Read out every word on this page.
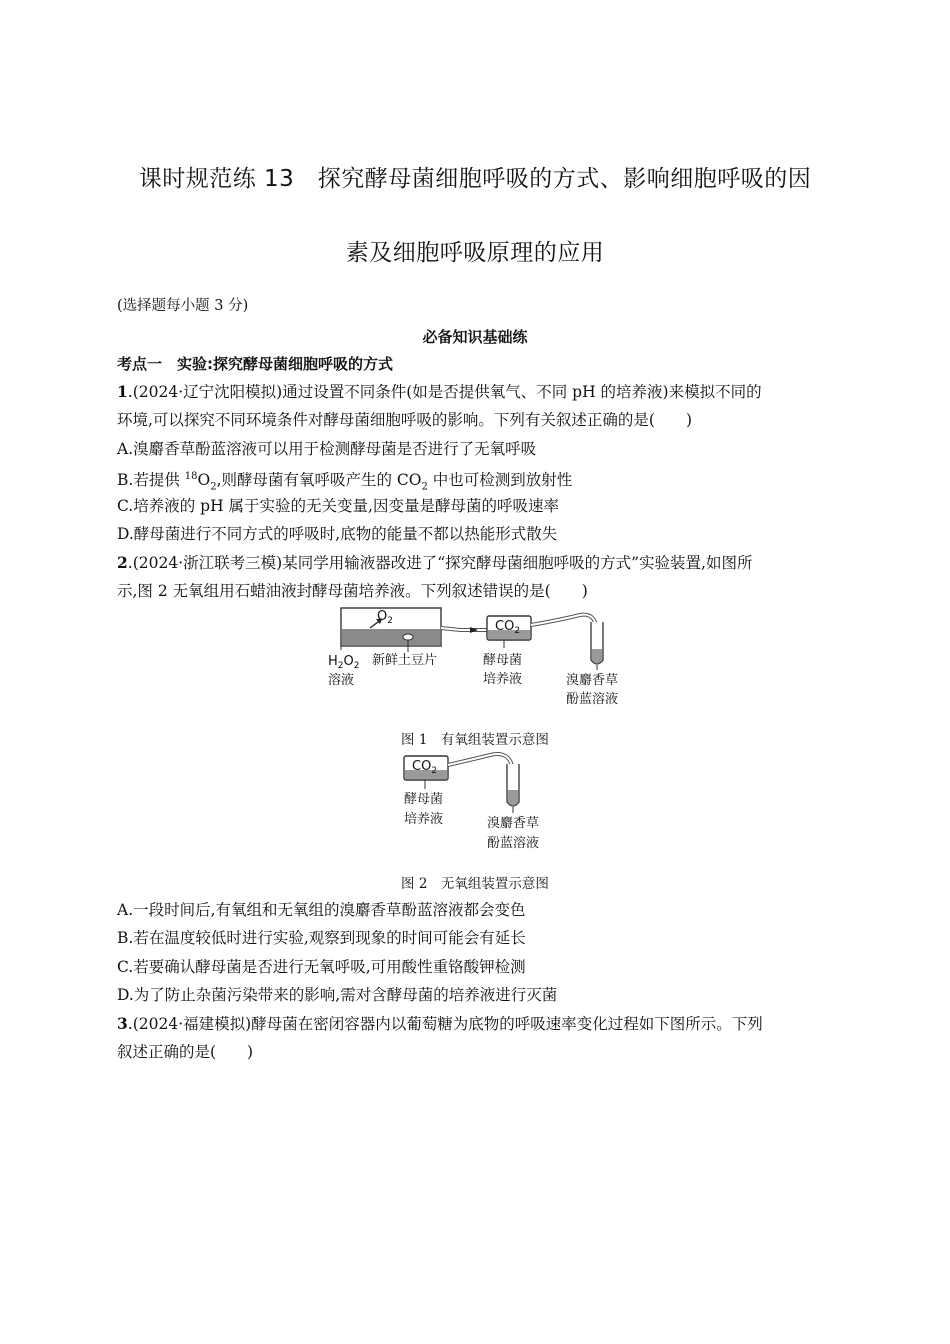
课时规范练 13　探究酵母菌细胞呼吸的方式、影响细胞呼吸的因
素及细胞呼吸原理的应用
(选择题每小题 3 分)
必备知识基础练
考点一　实验:探究酵母菌细胞呼吸的方式
1.(2024·辽宁沈阳模拟)通过设置不同条件(如是否提供氧气、不同 pH 的培养液)来模拟不同的
环境,可以探究不同环境条件对酵母菌细胞呼吸的影响。下列有关叙述正确的是(　　)
A.溴麝香草酚蓝溶液可以用于检测酵母菌是否进行了无氧呼吸
B.若提供 $^{18}O_2$,则酵母菌有氧呼吸产生的 $CO_2$ 中也可检测到放射性
C.培养液的 pH 属于实验的无关变量,因变量是酵母菌的呼吸速率
D.酵母菌进行不同方式的呼吸时,底物的能量不都以热能形式散失
2.(2024·浙江联考三模)某同学用输液器改进了“探究酵母菌细胞呼吸的方式”实验装置,如图所
示,图 2 无氧组用石蜡油液封酵母菌培养液。下列叙述错误的是(　　)
$O_2$	$CO_2$
$H_2O_2$
溶液
新鲜土豆片	酵母菌
培养液	溴麝香草
酚蓝溶液
图 1　有氧组装置示意图
$CO_2$
酵母菌
培养液	溴麝香草
酚蓝溶液
图 2　无氧组装置示意图
A.一段时间后,有氧组和无氧组的溴麝香草酚蓝溶液都会变色
B.若在温度较低时进行实验,观察到现象的时间可能会有延长
C.若要确认酵母菌是否进行无氧呼吸,可用酸性重铬酸钾检测
D.为了防止杂菌污染带来的影响,需对含酵母菌的培养液进行灭菌
3.(2024·福建模拟)酵母菌在密闭容器内以葡萄糖为底物的呼吸速率变化过程如下图所示。下列
叙述正确的是(　　)
